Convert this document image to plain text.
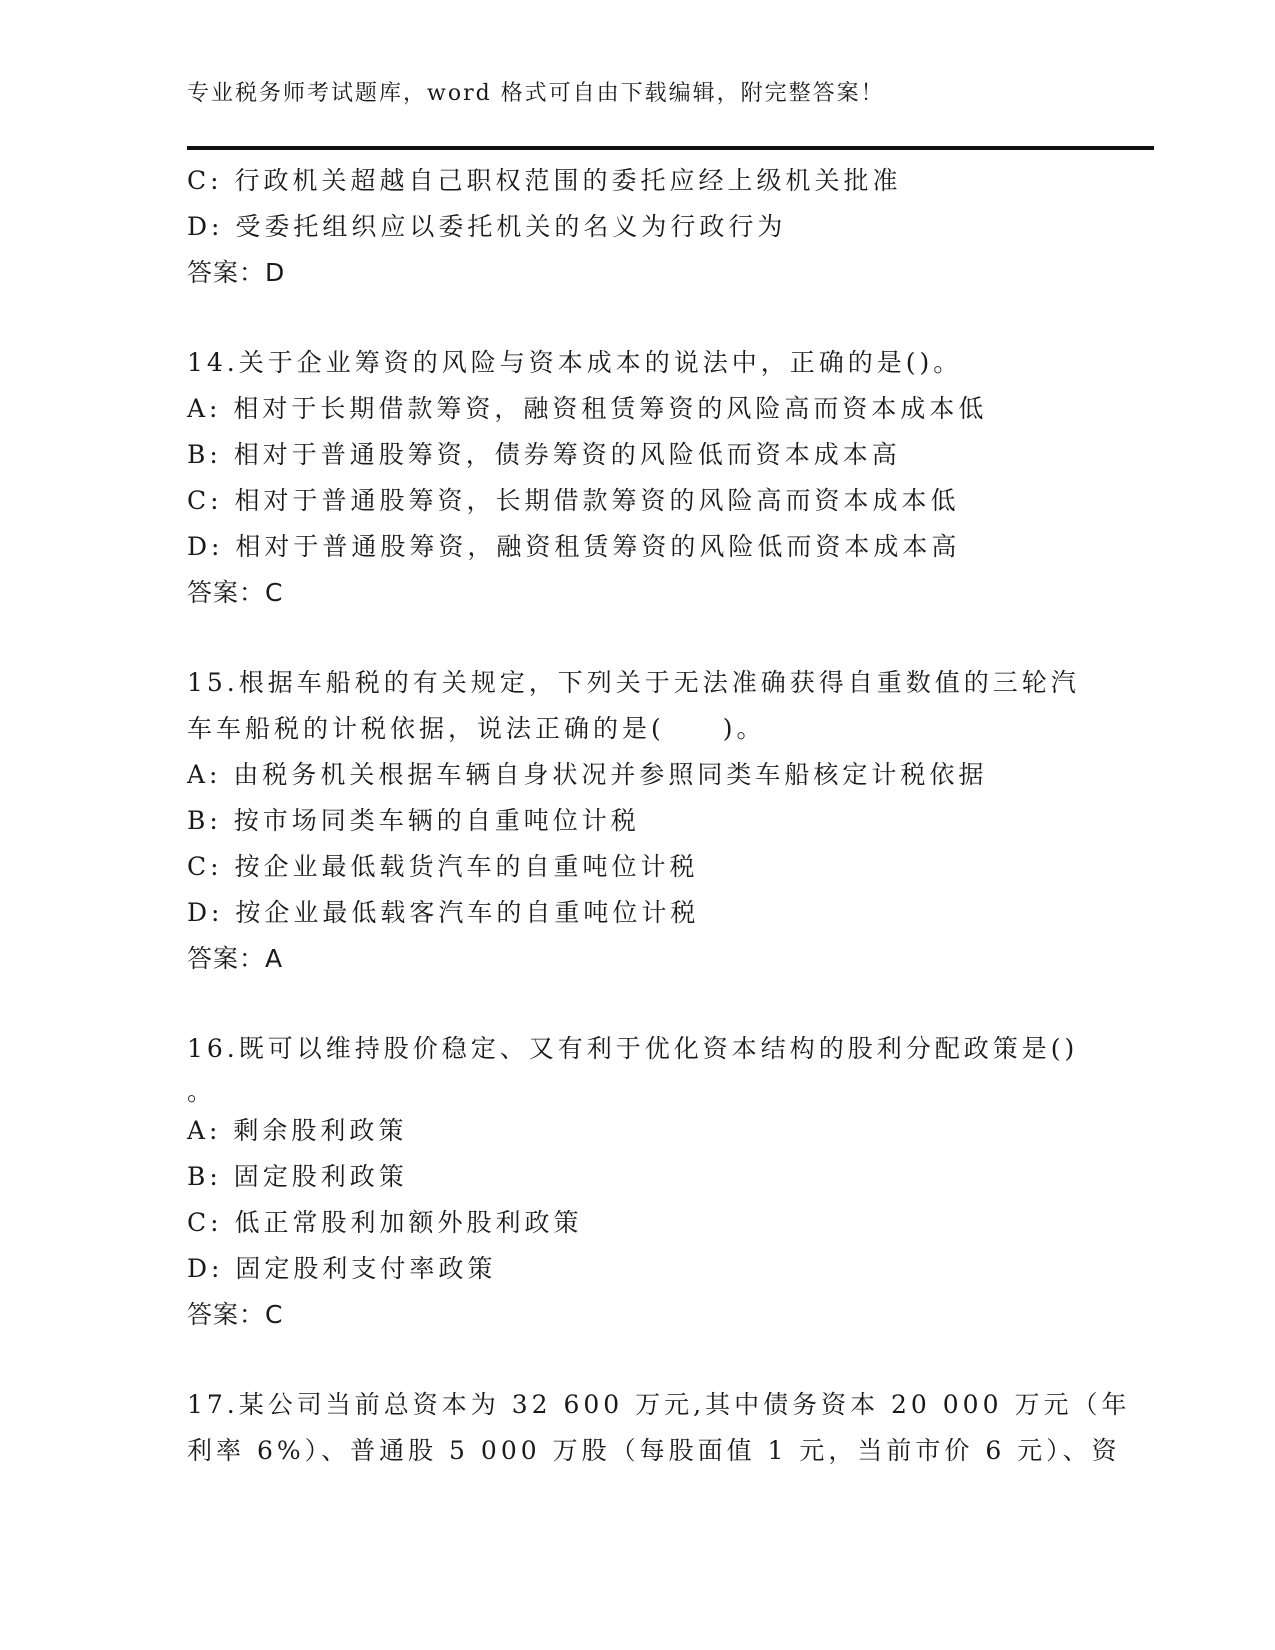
专业税务师考试题库，word 格式可自由下载编辑，附完整答案！
C: 行政机关超越自己职权范围的委托应经上级机关批准
D: 受委托组织应以委托机关的名义为行政行为
答案：D
14.关于企业筹资的风险与资本成本的说法中，正确的是()。
A: 相对于长期借款筹资，融资租赁筹资的风险高而资本成本低
B: 相对于普通股筹资，债券筹资的风险低而资本成本高
C: 相对于普通股筹资，长期借款筹资的风险高而资本成本低
D: 相对于普通股筹资，融资租赁筹资的风险低而资本成本高
答案：C
15.根据车船税的有关规定，下列关于无法准确获得自重数值的三轮汽
车车船税的计税依据，说法正确的是(　　)。
A: 由税务机关根据车辆自身状况并参照同类车船核定计税依据
B: 按市场同类车辆的自重吨位计税
C: 按企业最低载货汽车的自重吨位计税
D: 按企业最低载客汽车的自重吨位计税
答案：A
16.既可以维持股价稳定、又有利于优化资本结构的股利分配政策是()
。
A: 剩余股利政策
B: 固定股利政策
C: 低正常股利加额外股利政策
D: 固定股利支付率政策
答案：C
17.某公司当前总资本为 32 600 万元,其中债务资本 20 000 万元（年
利率 6%）、普通股 5 000 万股（每股面值 1 元，当前市价 6 元）、资
